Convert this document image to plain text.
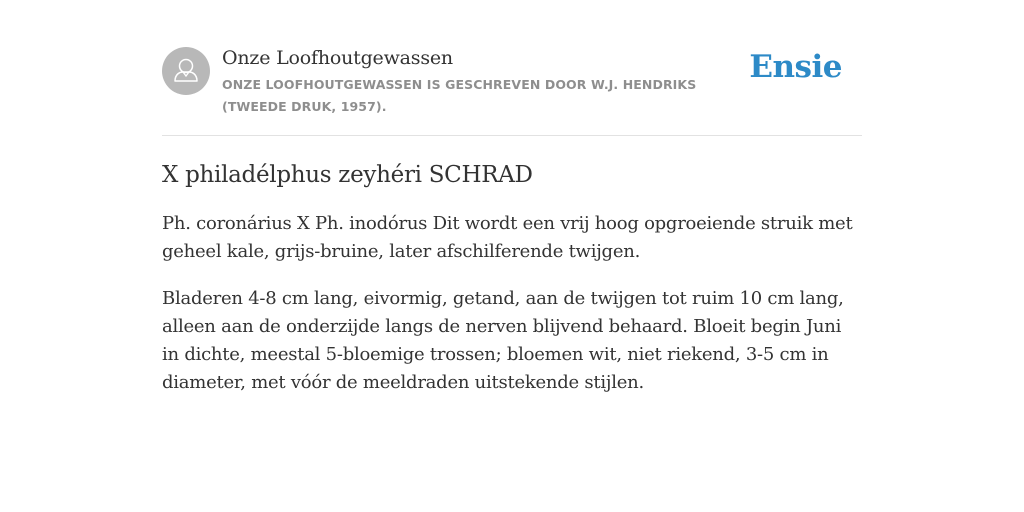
Onze Loofhoutgewassen

ONZE LOOFHOUTGEWASSEN IS GESCHREVEN DOOR W.J. HENDRIKS (TWEEDE DRUK, 1957).
Ensie
X philadélphus zeyhéri SCHRAD

Ph. coronárius X Ph. inodórus Dit wordt een vrij hoog opgroeiende struik met geheel kale, grijs-bruine, later afschilferende twijgen.

Bladeren 4-8 cm lang, eivormig, getand, aan de twijgen tot ruim 10 cm lang, alleen aan de onderzijde langs de nerven blijvend behaard. Bloeit begin Juni in dichte, meestal 5-bloemige trossen; bloemen wit, niet riekend, 3-5 cm in diameter, met vóór de meeldraden uitstekende stijlen.
